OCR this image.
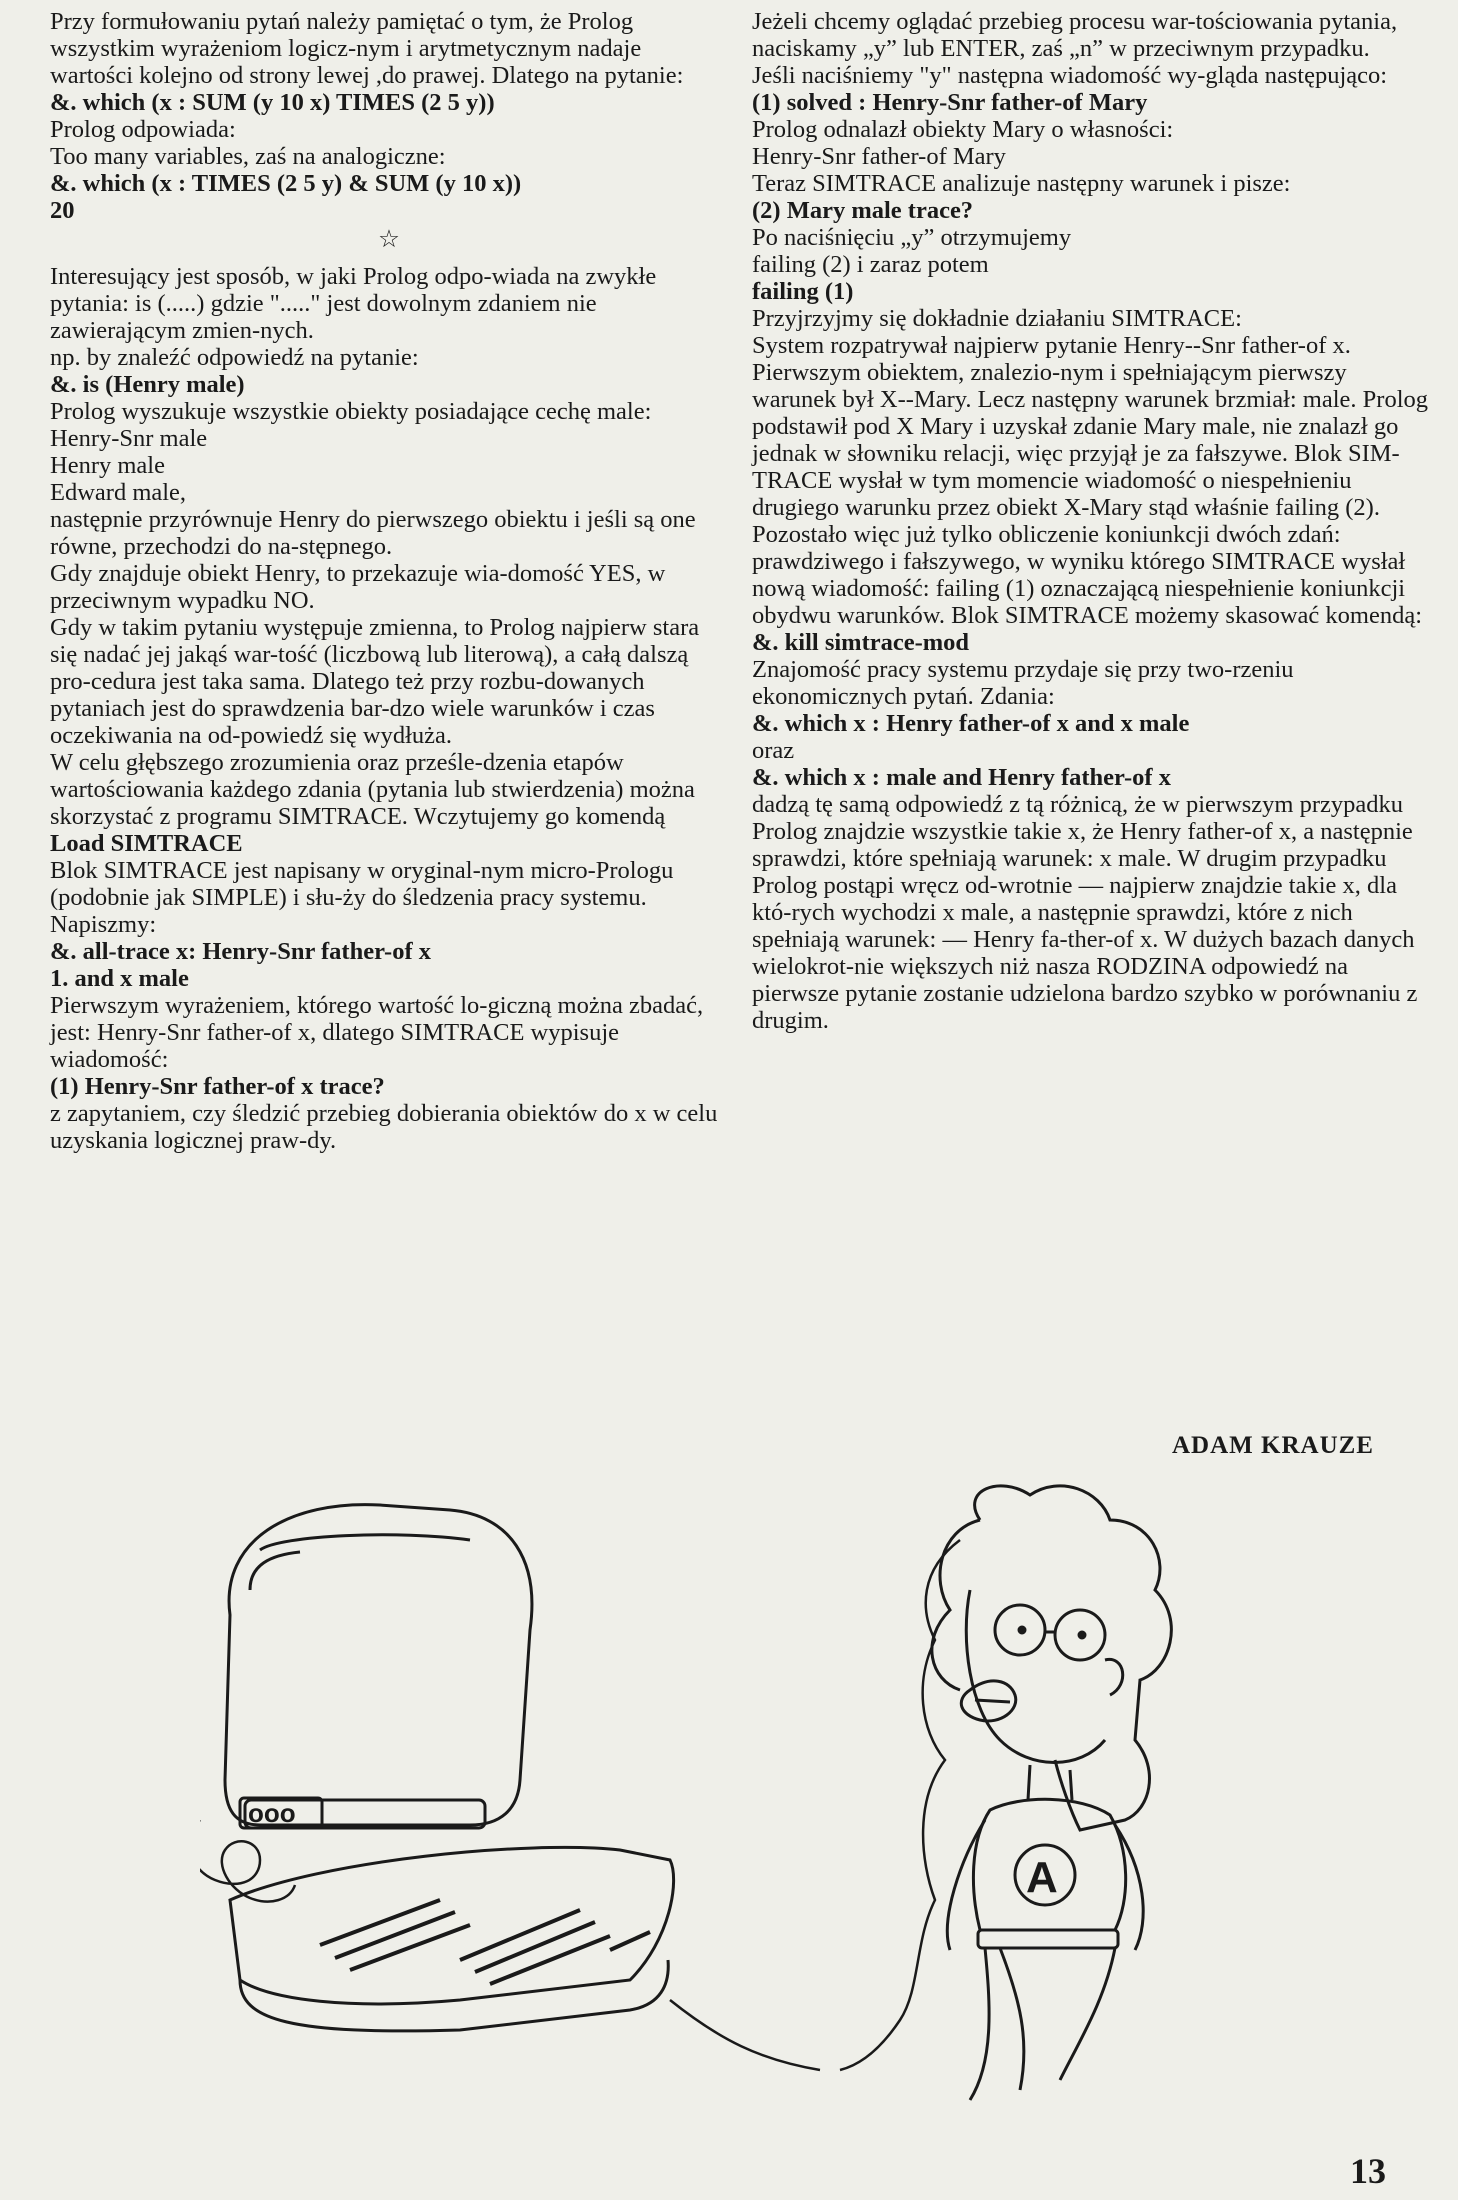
Przy formułowaniu pytań należy pamiętać o tym, że Prolog wszystkim wyrażeniom logicz-nym i arytmetycznym nadaje wartości kolejno od strony lewej ,do prawej. Dlatego na pytanie:

&. which (x : SUM (y 10 x) TIMES (2 5 y))

Prolog odpowiada:

Too many variables, zaś na analogiczne:

&. which (x : TIMES (2 5 y) & SUM (y 10 x))

20

☆

Interesujący jest sposób, w jaki Prolog odpo-wiada na zwykłe pytania: is (.....) gdzie "....." jest dowolnym zdaniem nie zawierającym zmien-nych.

np. by znaleźć odpowiedź na pytanie:

&. is (Henry male)

Prolog wyszukuje wszystkie obiekty posiadające cechę male:

Henry-Snr male

Henry male

Edward male,

następnie przyrównuje Henry do pierwszego obiektu i jeśli są one równe, przechodzi do na-stępnego.

Gdy znajduje obiekt Henry, to przekazuje wia-domość YES, w przeciwnym wypadku NO.

Gdy w takim pytaniu występuje zmienna, to Prolog najpierw stara się nadać jej jakąś war-tość (liczbową lub literową), a całą dalszą pro-cedura jest taka sama. Dlatego też przy rozbu-dowanych pytaniach jest do sprawdzenia bar-dzo wiele warunków i czas oczekiwania na od-powiedź się wydłuża.

W celu głębszego zrozumienia oraz prześle-dzenia etapów wartościowania każdego zdania (pytania lub stwierdzenia) można skorzystać z programu SIMTRACE. Wczytujemy go komendą

Load SIMTRACE

Blok SIMTRACE jest napisany w oryginal-nym micro-Prologu (podobnie jak SIMPLE) i słu-ży do śledzenia pracy systemu. Napiszmy:

&. all-trace x: Henry-Snr father-of x

1. and x male

Pierwszym wyrażeniem, którego wartość lo-giczną można zbadać, jest: Henry-Snr father-of x, dlatego SIMTRACE wypisuje wiadomość:

(1) Henry-Snr father-of x trace?

z zapytaniem, czy śledzić przebieg dobierania obiektów do x w celu uzyskania logicznej praw-dy.

Jeżeli chcemy oglądać przebieg procesu war-tościowania pytania, naciskamy „y” lub ENTER, zaś „n” w przeciwnym przypadku.

Jeśli naciśniemy "y" następna wiadomość wy-gląda następująco:

(1) solved : Henry-Snr father-of Mary

Prolog odnalazł obiekty Mary o własności:

Henry-Snr father-of Mary

Teraz SIMTRACE analizuje następny warunek i pisze:

(2) Mary male trace?

Po naciśnięciu „y” otrzymujemy

failing (2) i zaraz potem

failing (1)

Przyjrzyjmy się dokładnie działaniu SIMTRACE:

System rozpatrywał najpierw pytanie Henry--Snr father-of x. Pierwszym obiektem, znalezio-nym i spełniającym pierwszy warunek był X--Mary. Lecz następny warunek brzmiał: male. Prolog podstawił pod X Mary i uzyskał zdanie Mary male, nie znalazł go jednak w słowniku relacji, więc przyjął je za fałszywe. Blok SIM-TRACE wysłał w tym momencie wiadomość o niespełnieniu drugiego warunku przez obiekt X-Mary stąd właśnie failing (2). Pozostało więc już tylko obliczenie koniunkcji dwóch zdań: prawdziwego i fałszywego, w wyniku którego SIMTRACE wysłał nową wiadomość: failing (1) oznaczającą niespełnienie koniunkcji obydwu warunków. Blok SIMTRACE możemy skasować komendą:

&. kill simtrace-mod

Znajomość pracy systemu przydaje się przy two-rzeniu ekonomicznych pytań. Zdania:

&. which x : Henry father-of x and x male

oraz

&. which x : male and Henry father-of x

dadzą tę samą odpowiedź z tą różnicą, że w pierwszym przypadku Prolog znajdzie wszystkie takie x, że Henry father-of x, a następnie sprawdzi, które spełniają warunek: x male. W drugim przypadku Prolog postąpi wręcz od-wrotnie — najpierw znajdzie takie x, dla któ-rych wychodzi x male, a następnie sprawdzi, które z nich spełniają warunek: — Henry fa-ther-of x. W dużych bazach danych wielokrot-nie większych niż nasza RODZINA odpowiedź na pierwsze pytanie zostanie udzielona bardzo szybko w porównaniu z drugim.

ADAM KRAUZE
ooo
A
13
